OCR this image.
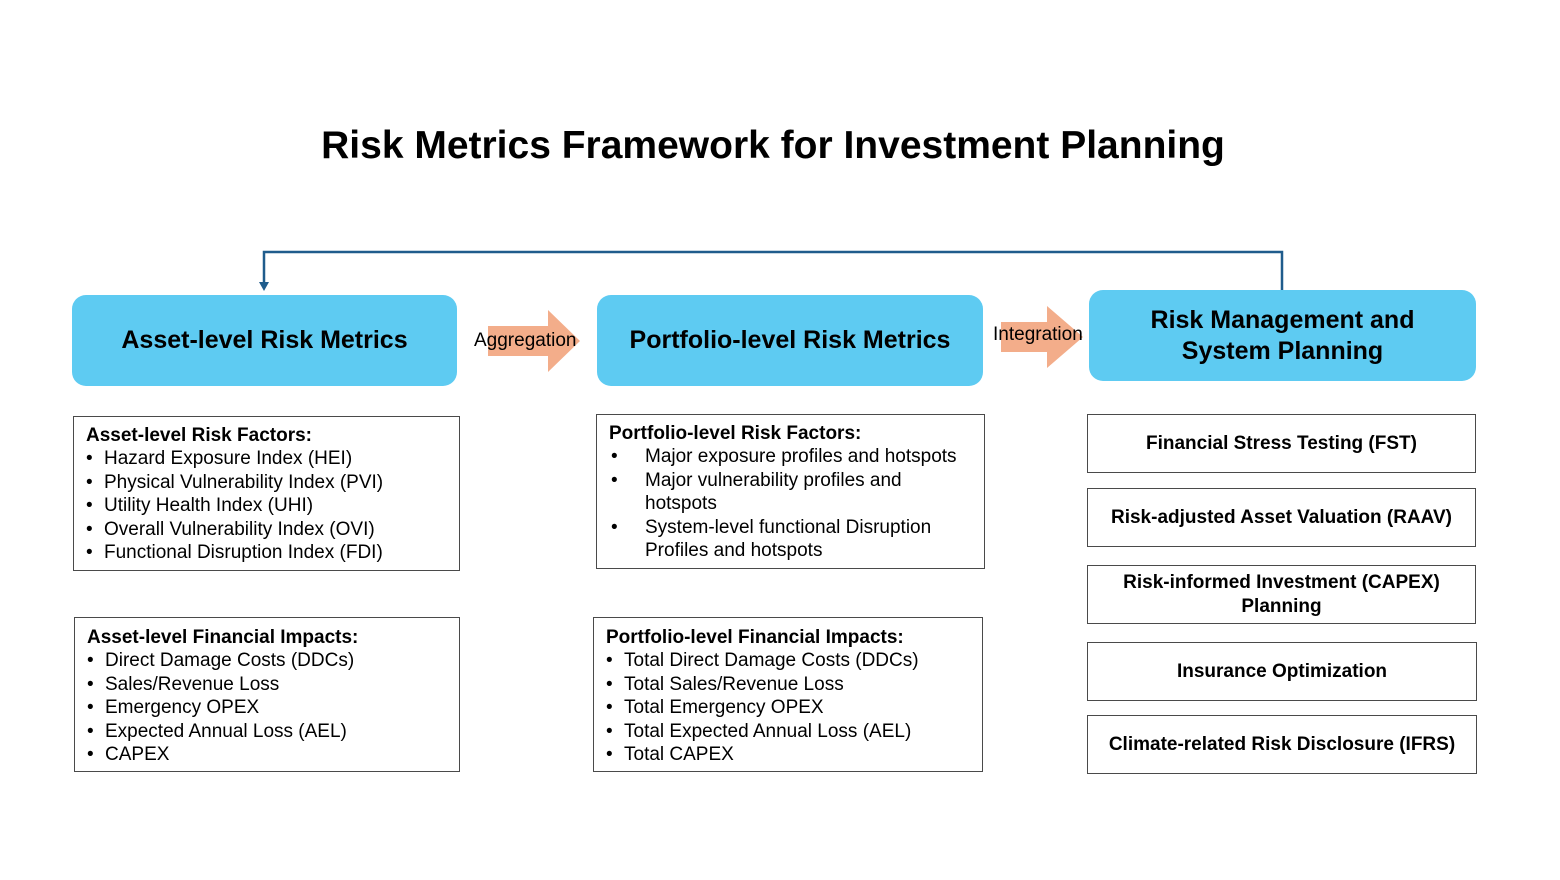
Risk Metrics Framework for Investment Planning
Asset-level Risk Metrics	Portfolio-level Risk Metrics
Risk Management and System Planning
Aggregation	Integration
Asset-level Risk Factors:
• Hazard Exposure Index (HEI)
• Physical Vulnerability Index (PVI)
• Utility Health Index (UHI)
• Overall Vulnerability Index (OVI)
• Functional Disruption Index (FDI)
Asset-level Financial Impacts:
• Direct Damage Costs (DDCs)
• Sales/Revenue Loss
• Emergency OPEX
• Expected Annual Loss (AEL)
• CAPEX
Portfolio-level Risk Factors:
• Major exposure profiles and hotspots
• Major vulnerability profiles and hotspots
• System-level functional Disruption Profiles and hotspots
Portfolio-level Financial Impacts:
• Total Direct Damage Costs (DDCs)
• Total Sales/Revenue Loss
• Total Emergency OPEX
• Total Expected Annual Loss (AEL)
• Total CAPEX
Financial Stress Testing (FST)
Risk-adjusted Asset Valuation (RAAV)
Risk-informed Investment (CAPEX) Planning
Insurance Optimization
Climate-related Risk Disclosure (IFRS)
